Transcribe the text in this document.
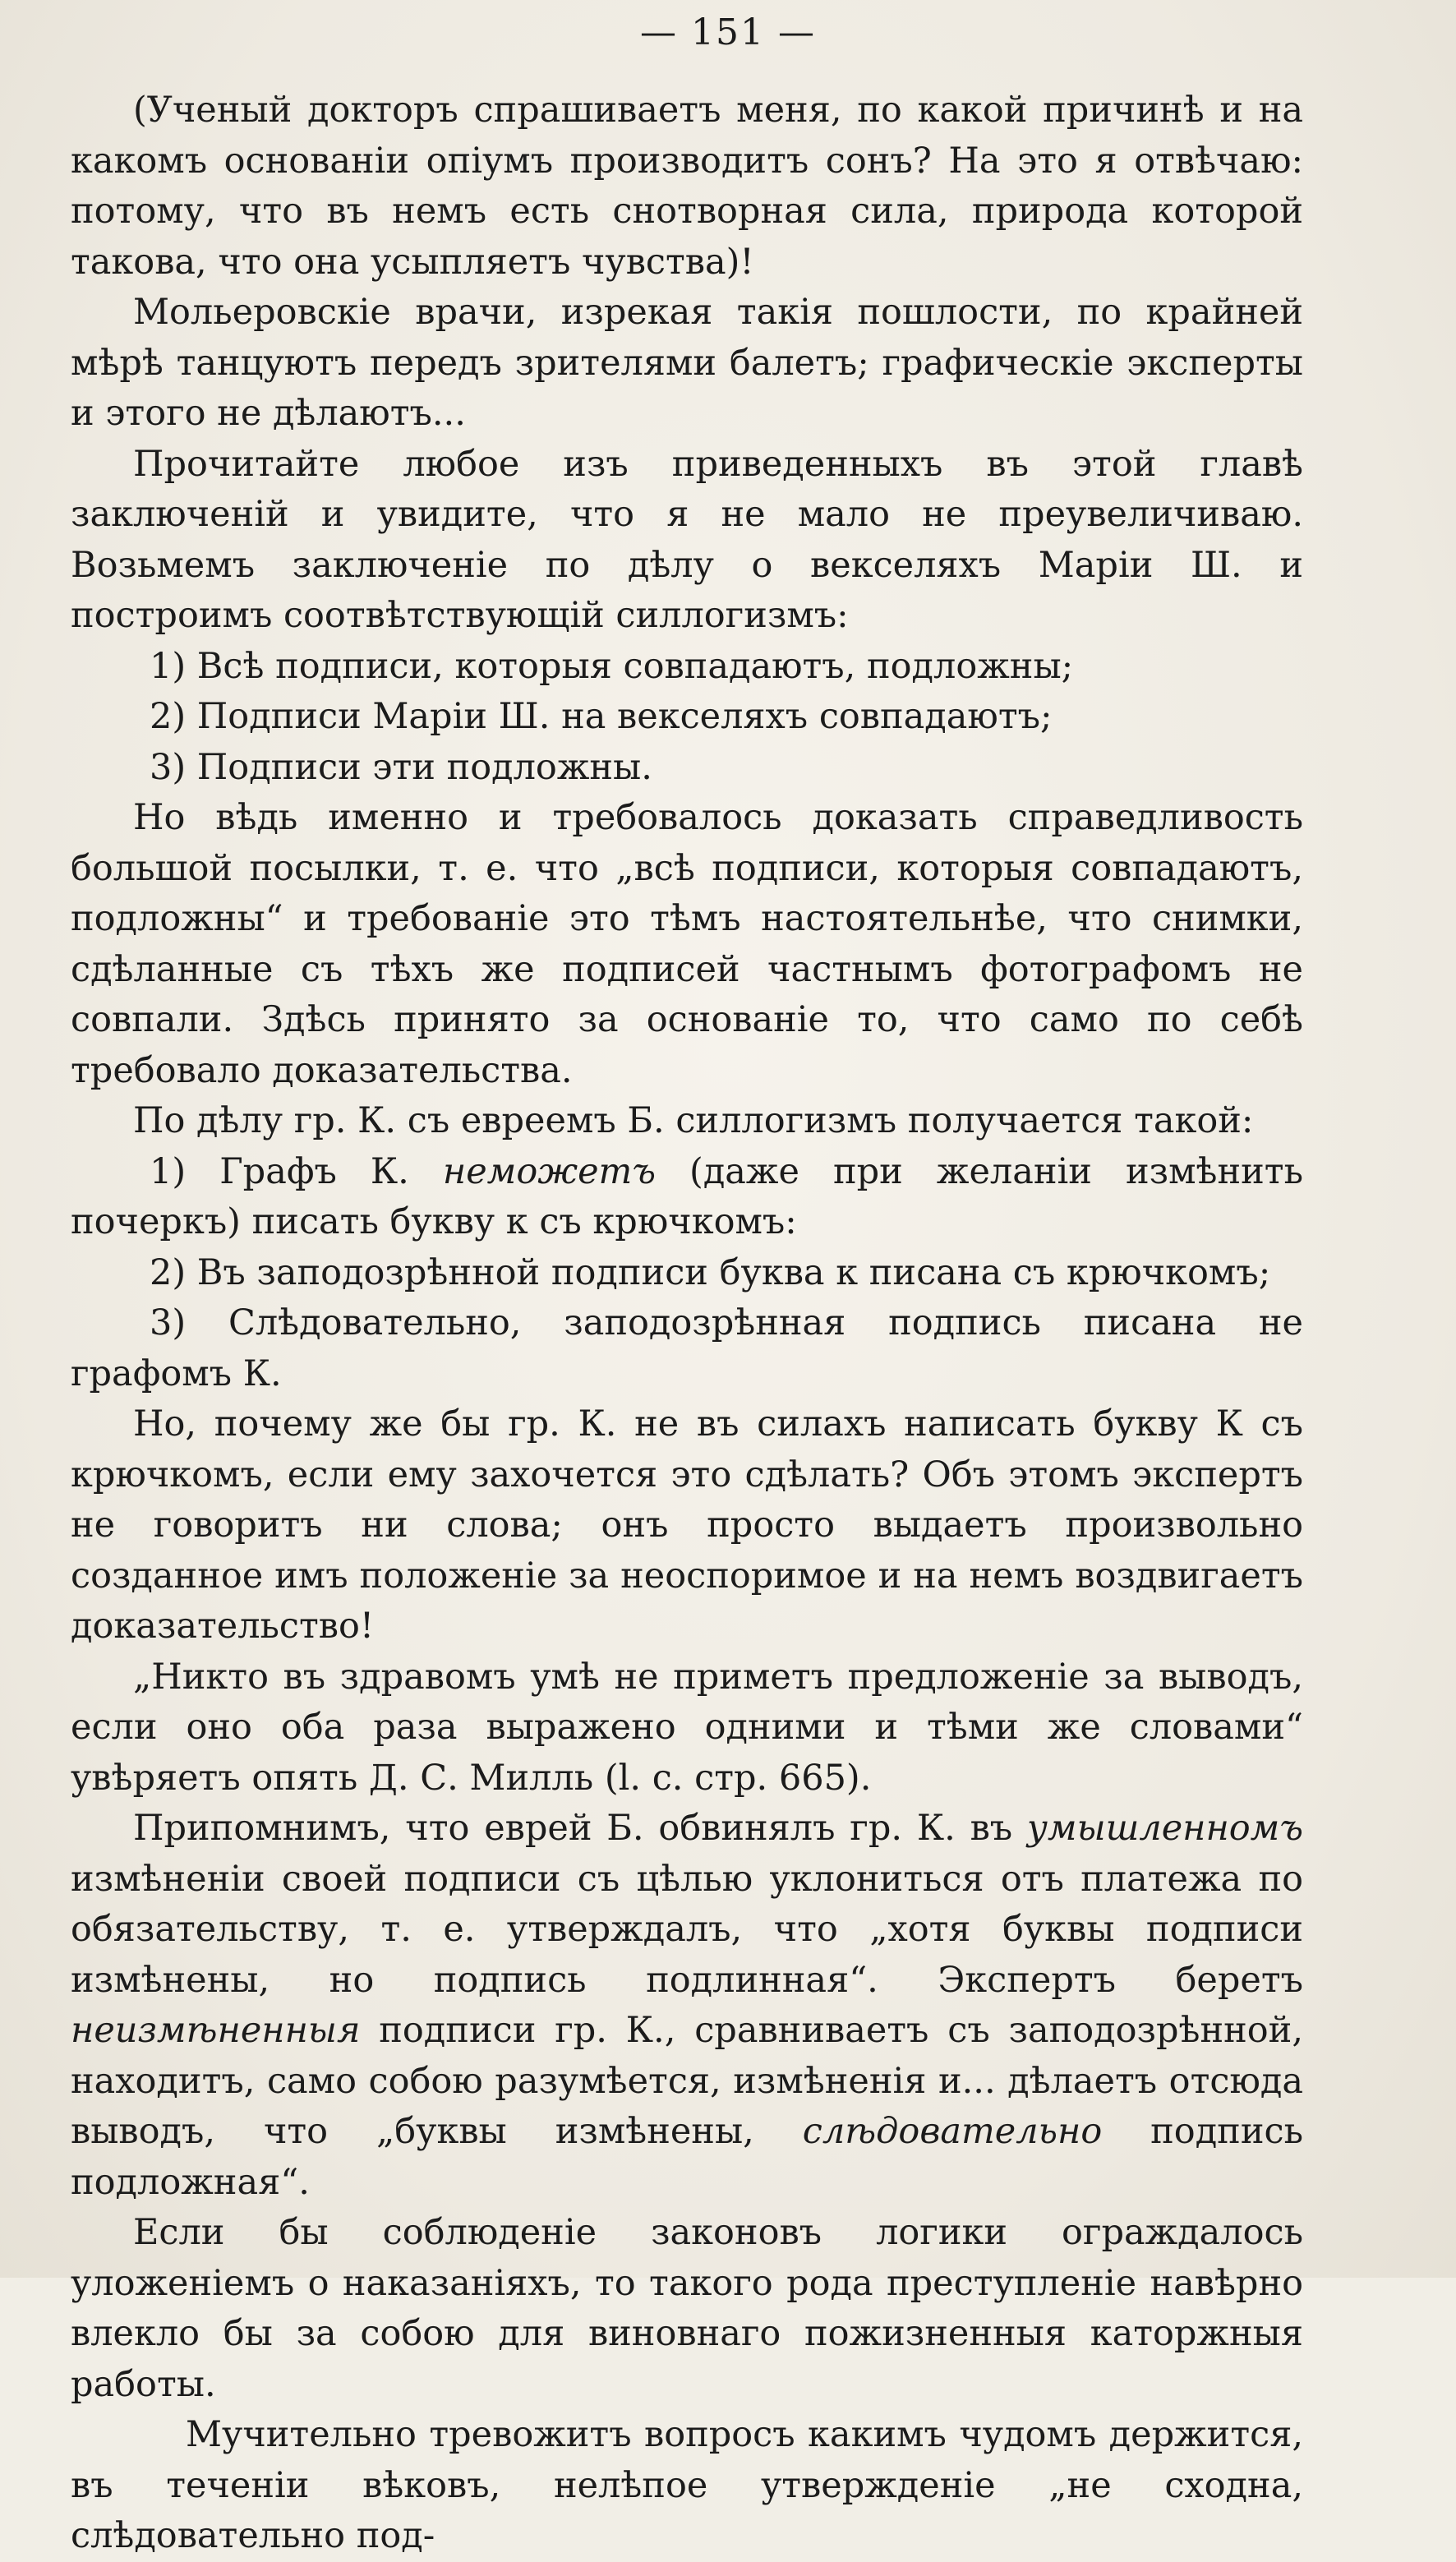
— 151 —

(Ученый докторъ спрашиваетъ меня, по какой причинѣ и на какомъ основанiи опiумъ производитъ сонъ? На это я отвѣчаю: потому, что въ немъ есть снотворная сила, природа которой такова, что она усыпляетъ чувства)!

Мольеровскiе врачи, изрекая такiя пошлости, по крайней мѣрѣ танцуютъ передъ зрителями балетъ; графическiе эксперты и этого не дѣлаютъ...

Прочитайте любое изъ приведенныхъ въ этой главѣ заключенiй и увидите, что я не мало не преувеличиваю. Возьмемъ заключенiе по дѣлу о векселяхъ Марiи Ш. и построимъ соотвѣтствующiй силлогизмъ:

1) Всѣ подписи, которыя совпадаютъ, подложны;

2) Подписи Марiи Ш. на векселяхъ совпадаютъ;

3) Подписи эти подложны.

Но вѣдь именно и требовалось доказать справедливость большой посылки, т. е. что „всѣ подписи, которыя совпадаютъ, подложны“ и требованiе это тѣмъ настоятельнѣе, что снимки, сдѣланные съ тѣхъ же подписей частнымъ фотографомъ не совпали. Здѣсь принято за основанiе то, что само по себѣ требовало доказательства.

По дѣлу гр. К. съ евреемъ Б. силлогизмъ получается такой:

1) Графъ К. неможетъ (даже при желанiи измѣнить почеркъ) писать букву к съ крючкомъ:

2) Въ заподозрѣнной подписи буква к писана съ крючкомъ;

3) Слѣдовательно, заподозрѣнная подпись писана не графомъ К.

Но, почему же бы гр. К. не въ силахъ написать букву К съ крючкомъ, если ему захочется это сдѣлать? Объ этомъ экспертъ не говоритъ ни слова; онъ просто выдаетъ произвольно созданное имъ положенiе за неоспоримое и на немъ воздвигаетъ доказательство!

„Никто въ здравомъ умѣ не приметъ предложенiе за выводъ, если оно оба раза выражено одними и тѣми же словами“ увѣряетъ опять Д. С. Милль (l. c. стр. 665).

Припомнимъ, что еврей Б. обвинялъ гр. К. въ умышленномъ измѣненiи своей подписи съ цѣлью уклониться отъ платежа по обязательству, т. е. утверждалъ, что „хотя буквы подписи измѣнены, но подпись подлинная“. Экспертъ беретъ неизмѣненныя подписи гр. К., сравниваетъ съ заподозрѣнной, находитъ, само собою разумѣется, измѣненiя и... дѣлаетъ отсюда выводъ, что „буквы измѣнены, слѣдовательно подпись подложная“.

Если бы соблюденiе законовъ логики ограждалось уложенiемъ о наказанiяхъ, то такого рода преступленiе навѣрно влекло бы за собою для виновнаго пожизненныя каторжныя работы.

Мучительно тревожитъ вопросъ какимъ чудомъ держится, въ теченiи вѣковъ, нелѣпое утвержденiе „не сходна, слѣдовательно под-
